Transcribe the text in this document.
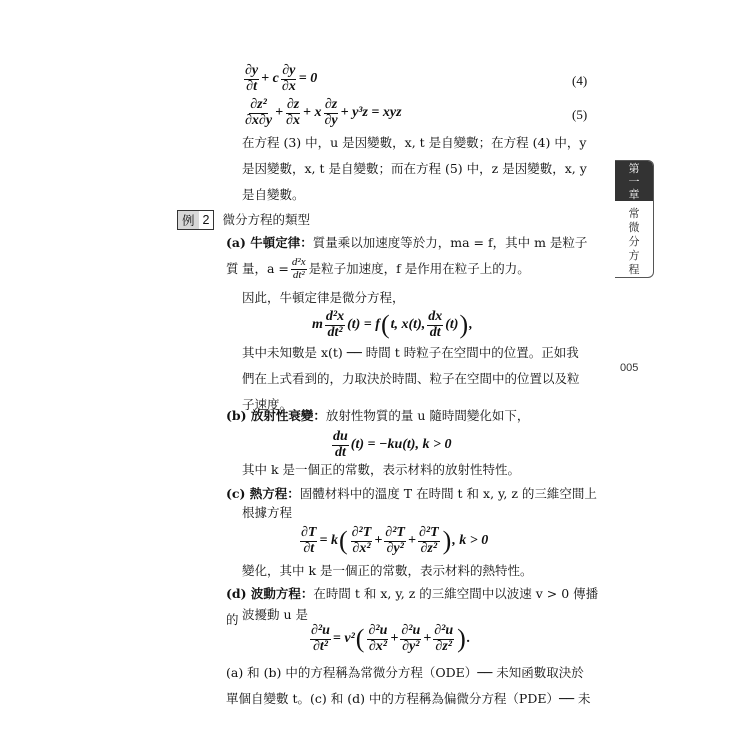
$\frac{\partial y}{\partial t} + c \frac{\partial y}{\partial x} = 0$	(4)
$\frac{\text{∂z²}}{\partial x\partial y} + \frac{\partial z}{\partial x} + x \frac{\partial z}{\partial y} + y^3z$ = xyz	(5)
在方程 (3) 中，u 是因變數，x, t 是自變數；在方程 (4) 中，y
是因變數，x, t 是自變數；而在方程 (5) 中，z 是因變數，x, y
是自變數。
例 2	微分方程的類型
(a) 牛頓定律：質量乘以加速度等於力，ma = f，其中 m 是粒子質 量，$a = \frac{\text{d²x}}{\text{dt²}}$ 是粒子加速度，f 是作用在粒子上的力。
因此，牛頓定律是微分方程，
m $\frac{\text{d²x}}{\text{dt²}} (t) = f$ ( t, x(t), $\frac{dx}{dt} (t)$ ) ,
其中未知數是 x(t) ── 時間 t 時粒子在空間中的位置。正如我
們在上式看到的，力取決於時間、粒子在空間中的位置以及粒
子速度。
(b) 放射性衰變：放射性物質的量 u 隨時間變化如下，
$\frac{du}{dt} (t) = -ku(t)$, k > 0
其中 k 是一個正的常數，表示材料的放射性特性。
(c) 熱方程：固體材料中的溫度 T 在時間 t 和 x, y, z 的三維空間上
根據方程
$\frac{\partial T}{\partial t} = k$ ( $\frac{\text{∂²T}}{\text{∂x²}} + \frac{\text{∂²T}}{\text{∂y²}} + \frac{\text{∂²T}}{\text{∂z²}}$ ) , k > 0
變化，其中 k 是一個正的常數，表示材料的熱特性。
(d) 波動方程：在時間 t 和 x, y, z 的三維空間中以波速 v > 0 傳播的 波擾動 u 是
$\frac{\text{∂²u}}{\text{∂t²}} = v^2$ ( $\frac{\text{∂²u}}{\text{∂x²}} + \frac{\text{∂²u}}{\text{∂y²}} + \frac{\text{∂²u}}{\text{∂z²}}$ ) .
(a) 和 (b) 中的方程稱為常微分方程（ODE）── 未知函數取決於
單個自變數 t。(c) 和 (d) 中的方程稱為偏微分方程（PDE）── 未
第
一
章
常
微
分
方
程
005
